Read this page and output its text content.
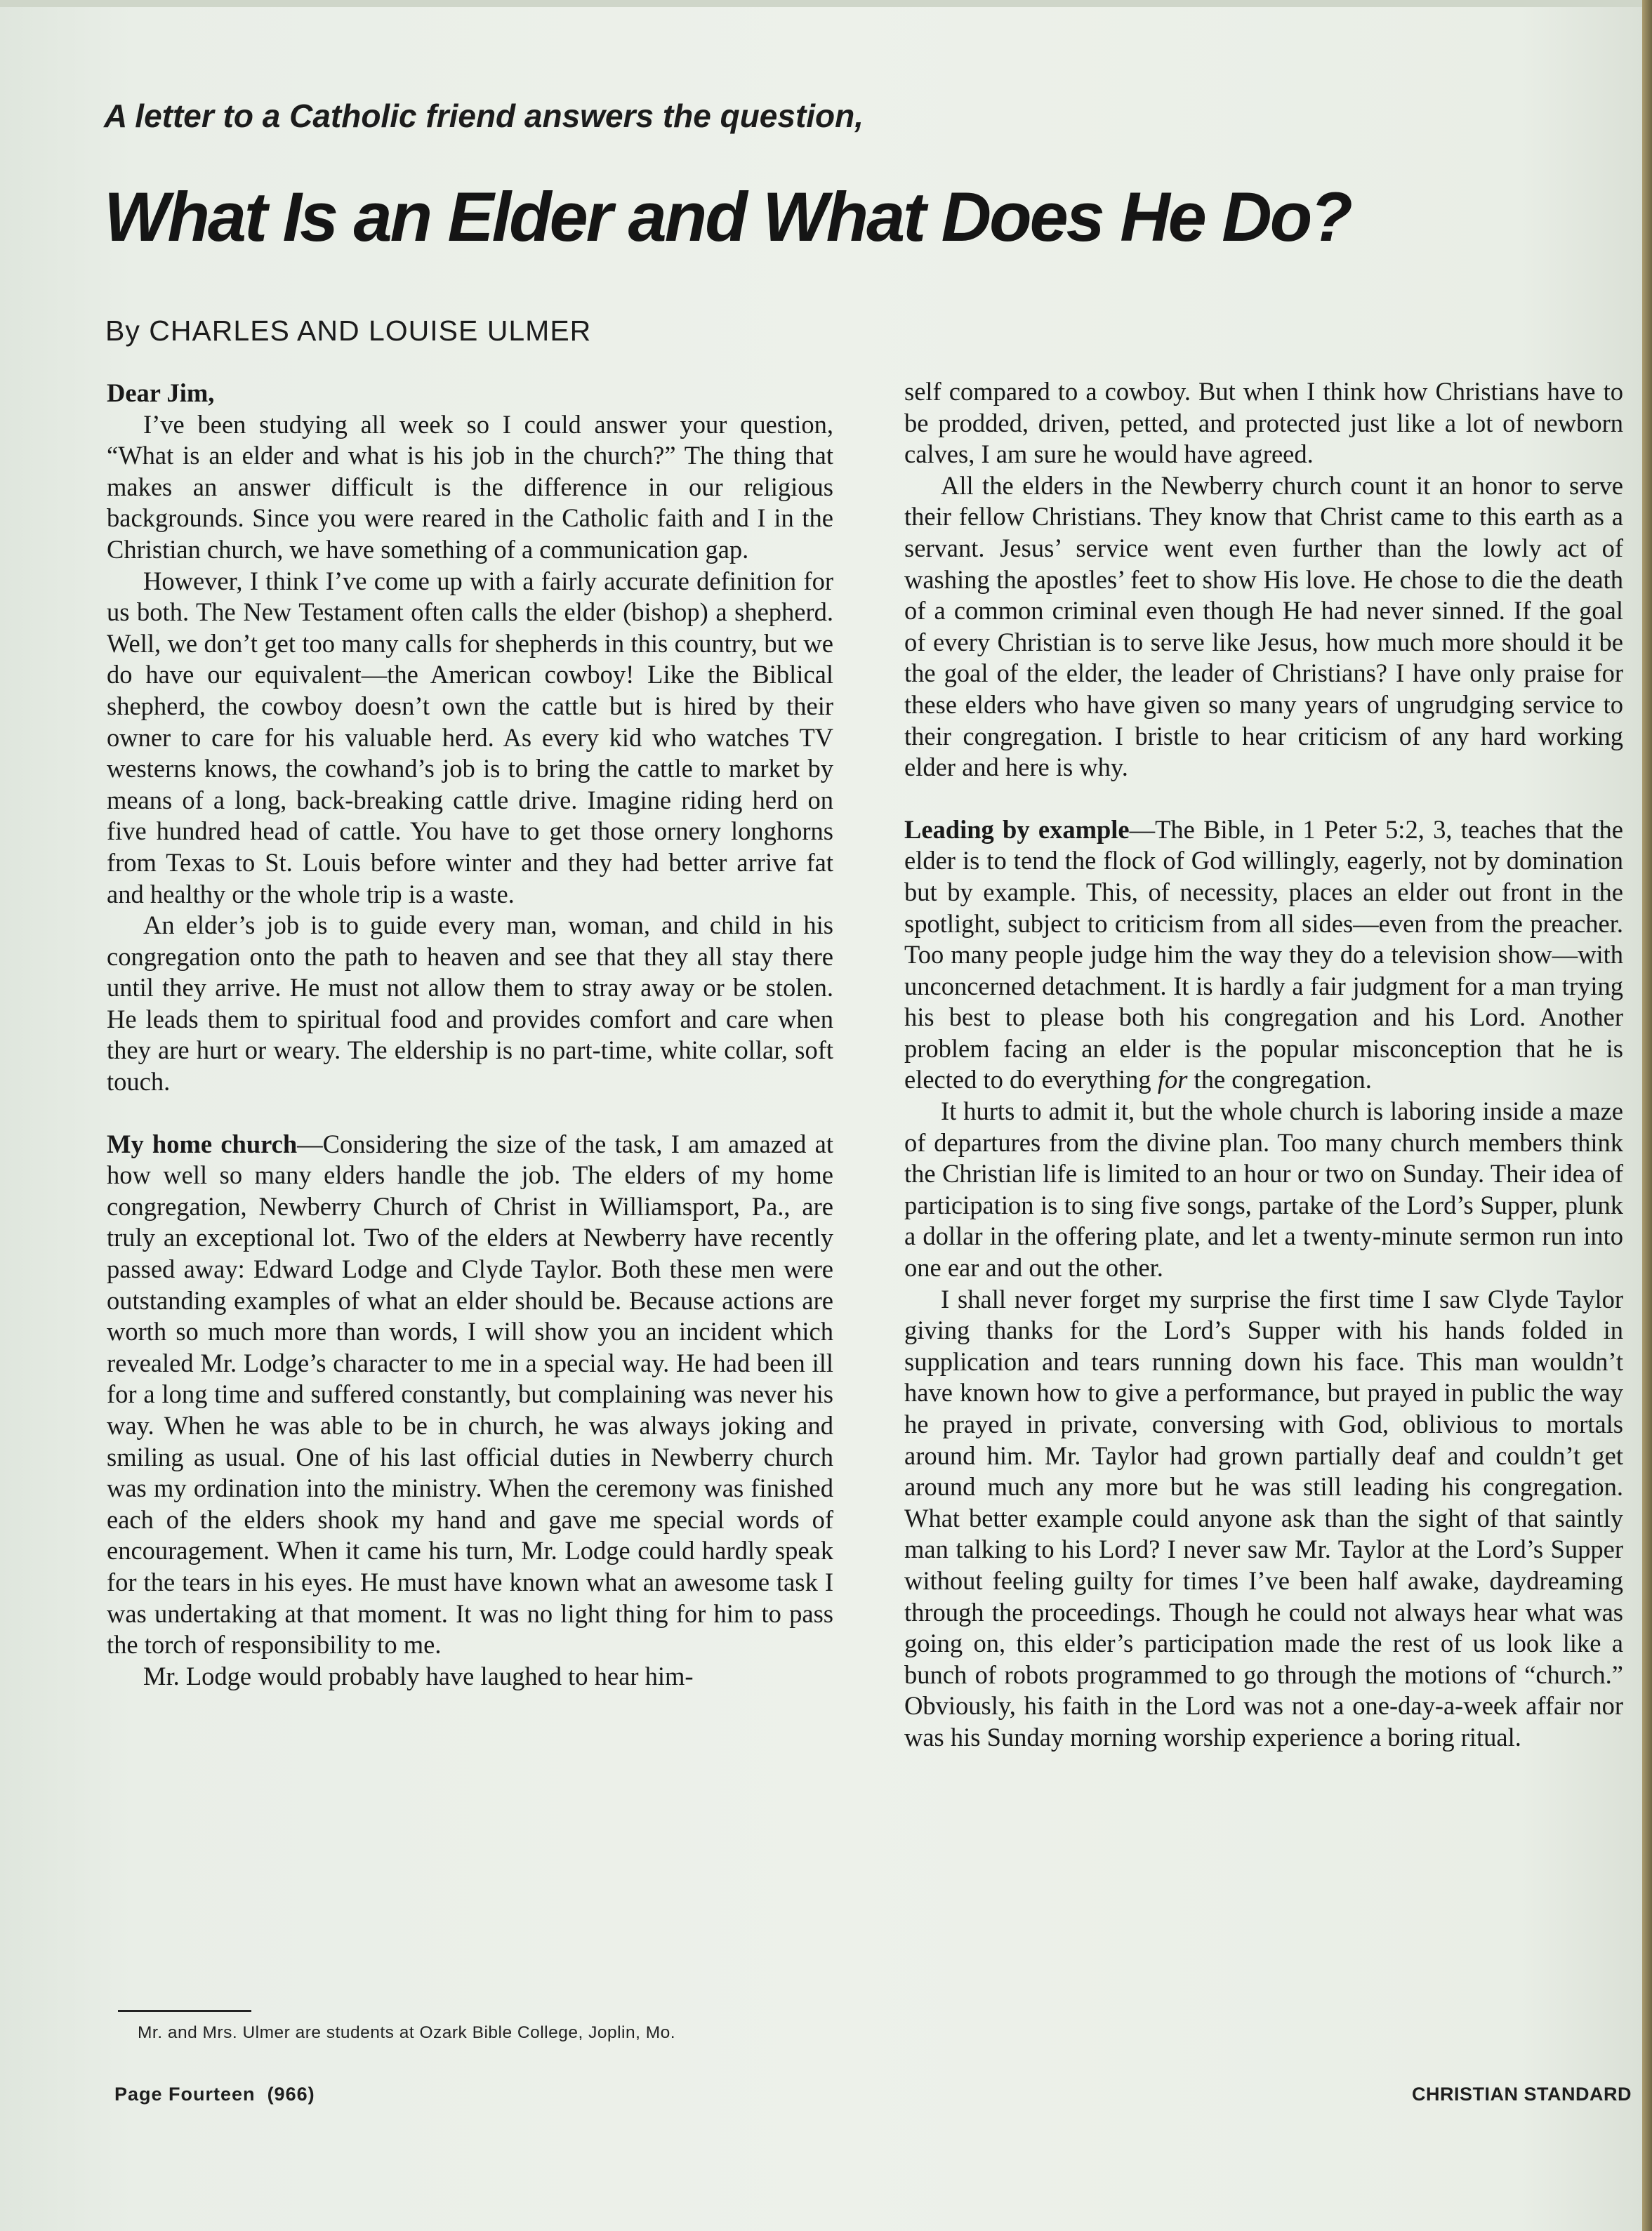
A letter to a Catholic friend answers the question,
What Is an Elder and What Does He Do?
By CHARLES AND LOUISE ULMER

Dear Jim,

I’ve been studying all week so I could answer your question, “What is an elder and what is his job in the church?” The thing that makes an answer difficult is the difference in our religious backgrounds. Since you were reared in the Catholic faith and I in the Christian church, we have something of a communication gap.

However, I think I’ve come up with a fairly accurate definition for us both. The New Testament often calls the elder (bishop) a shepherd. Well, we don’t get too many calls for shepherds in this country, but we do have our equivalent—the American cowboy! Like the Biblical shepherd, the cowboy doesn’t own the cattle but is hired by their owner to care for his valuable herd. As every kid who watches TV westerns knows, the cowhand’s job is to bring the cattle to market by means of a long, back-breaking cattle drive. Imagine riding herd on five hundred head of cattle. You have to get those ornery longhorns from Texas to St. Louis before winter and they had better arrive fat and healthy or the whole trip is a waste.

An elder’s job is to guide every man, woman, and child in his congregation onto the path to heaven and see that they all stay there until they arrive. He must not allow them to stray away or be stolen. He leads them to spiritual food and provides comfort and care when they are hurt or weary. The eldership is no part-time, white collar, soft touch.

My home church—Considering the size of the task, I am amazed at how well so many elders handle the job. The elders of my home congregation, Newberry Church of Christ in Williamsport, Pa., are truly an exceptional lot. Two of the elders at Newberry have recently passed away: Edward Lodge and Clyde Taylor. Both these men were outstanding examples of what an elder should be. Because actions are worth so much more than words, I will show you an incident which revealed Mr. Lodge’s character to me in a special way. He had been ill for a long time and suffered constantly, but complaining was never his way. When he was able to be in church, he was always joking and smiling as usual. One of his last official duties in Newberry church was my ordination into the ministry. When the ceremony was finished each of the elders shook my hand and gave me special words of encouragement. When it came his turn, Mr. Lodge could hardly speak for the tears in his eyes. He must have known what an awesome task I was undertaking at that moment. It was no light thing for him to pass the torch of responsibility to me.

Mr. Lodge would probably have laughed to hear him-

self compared to a cowboy. But when I think how Christians have to be prodded, driven, petted, and protected just like a lot of newborn calves, I am sure he would have agreed.

All the elders in the Newberry church count it an honor to serve their fellow Christians. They know that Christ came to this earth as a servant. Jesus’ service went even further than the lowly act of washing the apostles’ feet to show His love. He chose to die the death of a common criminal even though He had never sinned. If the goal of every Christian is to serve like Jesus, how much more should it be the goal of the elder, the leader of Christians? I have only praise for these elders who have given so many years of ungrudging service to their congregation. I bristle to hear criticism of any hard working elder and here is why.

Leading by example—The Bible, in 1 Peter 5:2, 3, teaches that the elder is to tend the flock of God willingly, eagerly, not by domination but by example. This, of necessity, places an elder out front in the spotlight, subject to criticism from all sides—even from the preacher. Too many people judge him the way they do a television show—with unconcerned detachment. It is hardly a fair judgment for a man trying his best to please both his congregation and his Lord. Another problem facing an elder is the popular misconception that he is elected to do everything for the congregation.

It hurts to admit it, but the whole church is laboring inside a maze of departures from the divine plan. Too many church members think the Christian life is limited to an hour or two on Sunday. Their idea of participation is to sing five songs, partake of the Lord’s Supper, plunk a dollar in the offering plate, and let a twenty-minute sermon run into one ear and out the other.

I shall never forget my surprise the first time I saw Clyde Taylor giving thanks for the Lord’s Supper with his hands folded in supplication and tears running down his face. This man wouldn’t have known how to give a performance, but prayed in public the way he prayed in private, conversing with God, oblivious to mortals around him. Mr. Taylor had grown partially deaf and couldn’t get around much any more but he was still leading his congregation. What better example could anyone ask than the sight of that saintly man talking to his Lord? I never saw Mr. Taylor at the Lord’s Supper without feeling guilty for times I’ve been half awake, daydreaming through the proceedings. Though he could not always hear what was going on, this elder’s participation made the rest of us look like a bunch of robots programmed to go through the motions of “church.” Obviously, his faith in the Lord was not a one-day-a-week affair nor was his Sunday morning worship experience a boring ritual.

Mr. and Mrs. Ulmer are students at Ozark Bible College, Joplin, Mo.
Page Fourteen (966)	CHRISTIAN STANDARD
